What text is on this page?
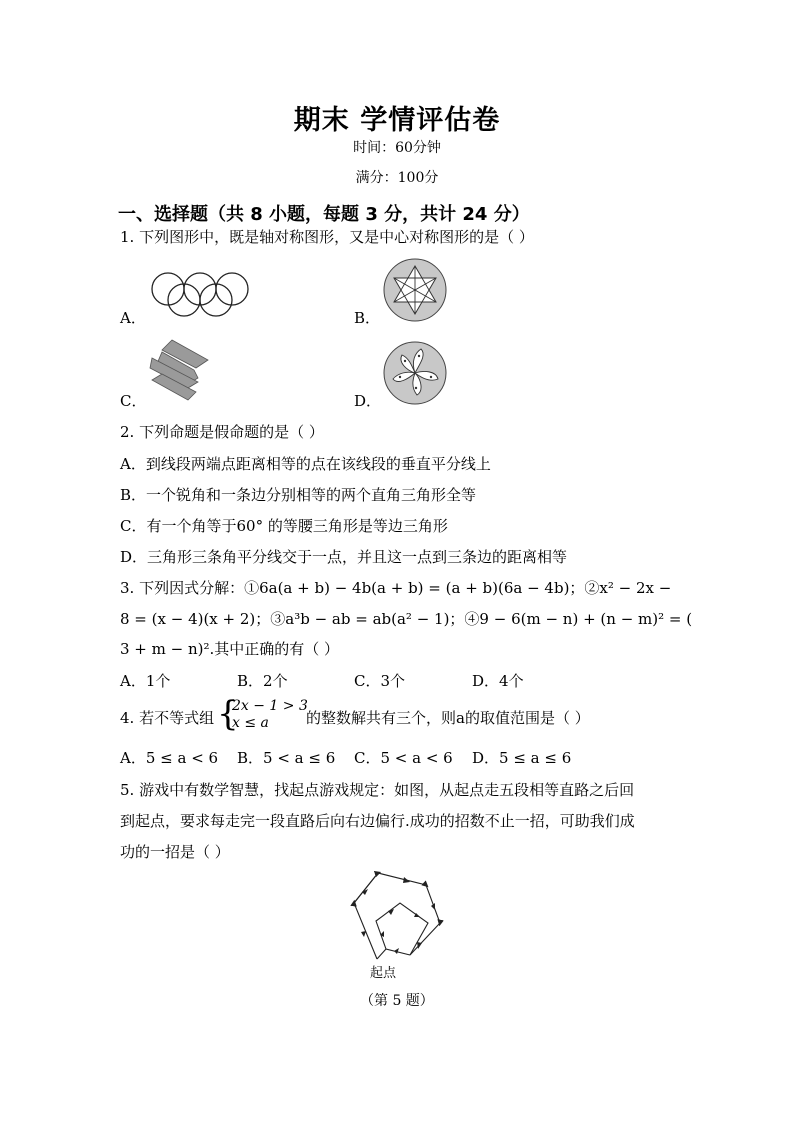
期末 学情评估卷
时间：60分钟
满分：100分
一、选择题（共 8 小题，每题 3 分，共计 24 分）
1. 下列图形中，既是轴对称图形，又是中心对称图形的是（ ）
A．	B．
C．	D．
2. 下列命题是假命题的是（ ）
A．到线段两端点距离相等的点在该线段的垂直平分线上
B．一个锐角和一条边分别相等的两个直角三角形全等
C．有一个角等于60° 的等腰三角形是等边三角形
D．三角形三条角平分线交于一点，并且这一点到三条边的距离相等
3. 下列因式分解：①6a(a + b) − 4b(a + b) = (a + b)(6a − 4b)；②x² − 2x −
8 = (x − 4)(x + 2)；③a³b − ab = ab(a² − 1)；④9 − 6(m − n) + (n − m)² = (
3 + m − n)².其中正确的有（ ）
A．1个	B．2个	C．3个	D．4个
4. 若不等式组 {
2x − 1 > 3
x ≤ a 的整数解共有三个，则a的取值范围是（ ）
A．5 ≤ a < 6 B．5 < a ≤ 6 C．5 < a < 6 D．5 ≤ a ≤ 6
5. 游戏中有数学智慧，找起点游戏规定：如图，从起点走五段相等直路之后回
到起点，要求每走完一段直路后向右边偏行.成功的招数不止一招，可助我们成
功的一招是（ ）
起点
（第 5 题）
